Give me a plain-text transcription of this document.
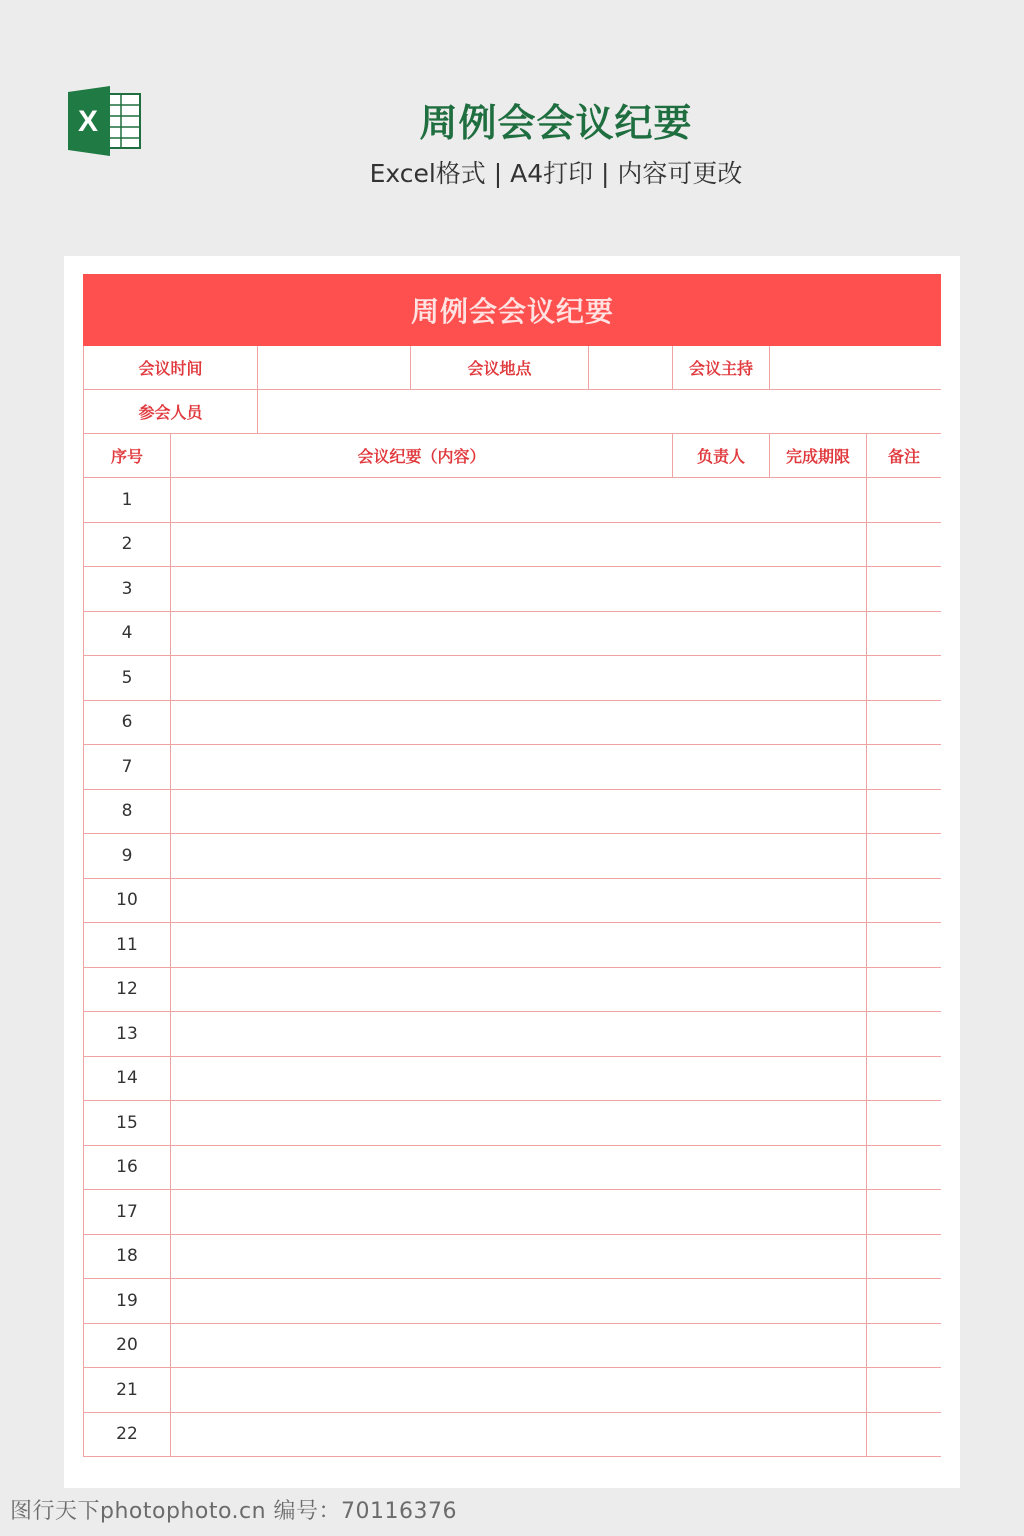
X	周例会会议纪要
Excel格式 | A4打印 | 内容可更改
周例会会议纪要							
会议时间			会议地点		会议主持		
参会人员							
序号	会议纪要（内容）				负责人	完成期限	备注
1							
2							
3							
4							
5							
6							
7							
8							
9							
10							
11							
12							
13							
14							
15							
16							
17							
18							
19							
20							
21							
22							
图行天下photophoto.cn 编号：70116376
